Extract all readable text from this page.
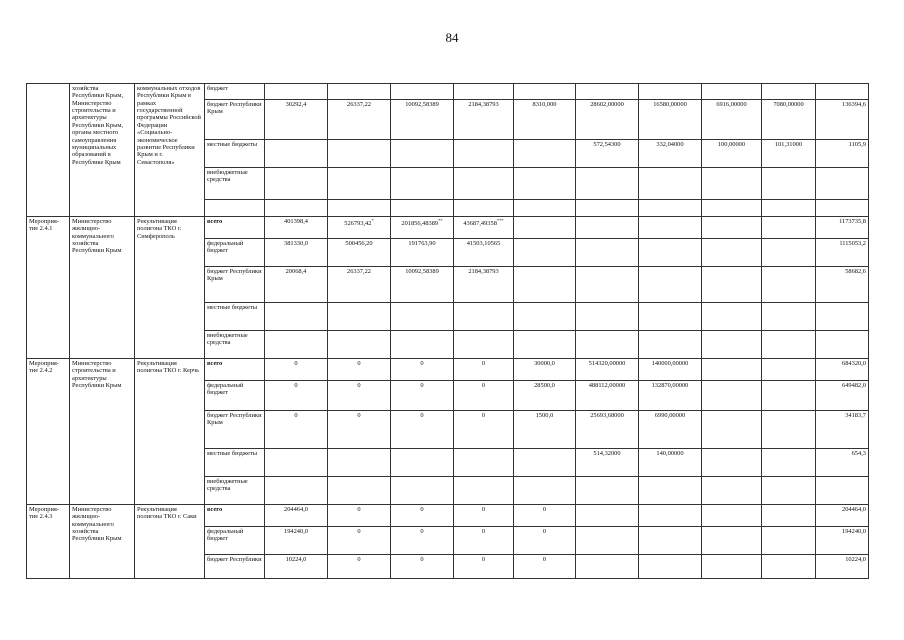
84
	хозяйства Республики Крым, Министерство строительства и архитектуры Республики Крым, органы местного самоуправления муниципальных образований в Республике Крым	коммунальных отходов Республики Крым в рамках государственной программы Российской Федерации «Социально-экономическое развитие Республики Крым и г. Севастополя»	бюджет										
			бюджет Республики Крым	30292,4	26337,22	10092,58389	2184,38793	8310,000	28602,00000	16580,00000	6916,00000	7080,00000	136394,6
			местные бюджеты						572,54300	332,04000	100,00000	101,31000	1105,9
			внебюджетные средства										

Мероприя-тие 2.4.1	Министерство жилищно-коммунального хозяйства Республики Крым	Рекультивация полигона ТКО г. Симферополь	всего	401398,4	526793,42*	201856,48389**	43687,49358***						1173735,8
			федеральный бюджет	381330,0	500456,20	191763,90	41503,10565						1115053,2
			бюджет Республики Крым	20068,4	26337,22	10092,58389	2184,38793						58682,6
			местные бюджеты										
			внебюджетные средства										
Мероприя-тие 2.4.2	Министерство строительства и архитектуры Республики Крым	Рекультивация полигона ТКО г. Керчь	всего	0	0	0	0	30000,0	514320,00000	140000,00000			684320,0
			федеральный бюджет	0	0	0	0	28500,0	488112,00000	132870,00000			649482,0
			бюджет Республики Крым	0	0	0	0	1500,0	25693,68000	6990,00000			34183,7
			местные бюджеты						514,32000	140,00000			654,3
			внебюджетные средства										
Мероприя-тие 2.4.3	Министерство жилищно-коммунального хозяйства Республики Крым	Рекультивация полигона ТКО г. Саки	всего	204464,0	0	0	0	0					204464,0
			федеральный бюджет	194240,0	0	0	0	0					194240,0
			бюджет Республики	10224,0	0	0	0	0					10224,0
